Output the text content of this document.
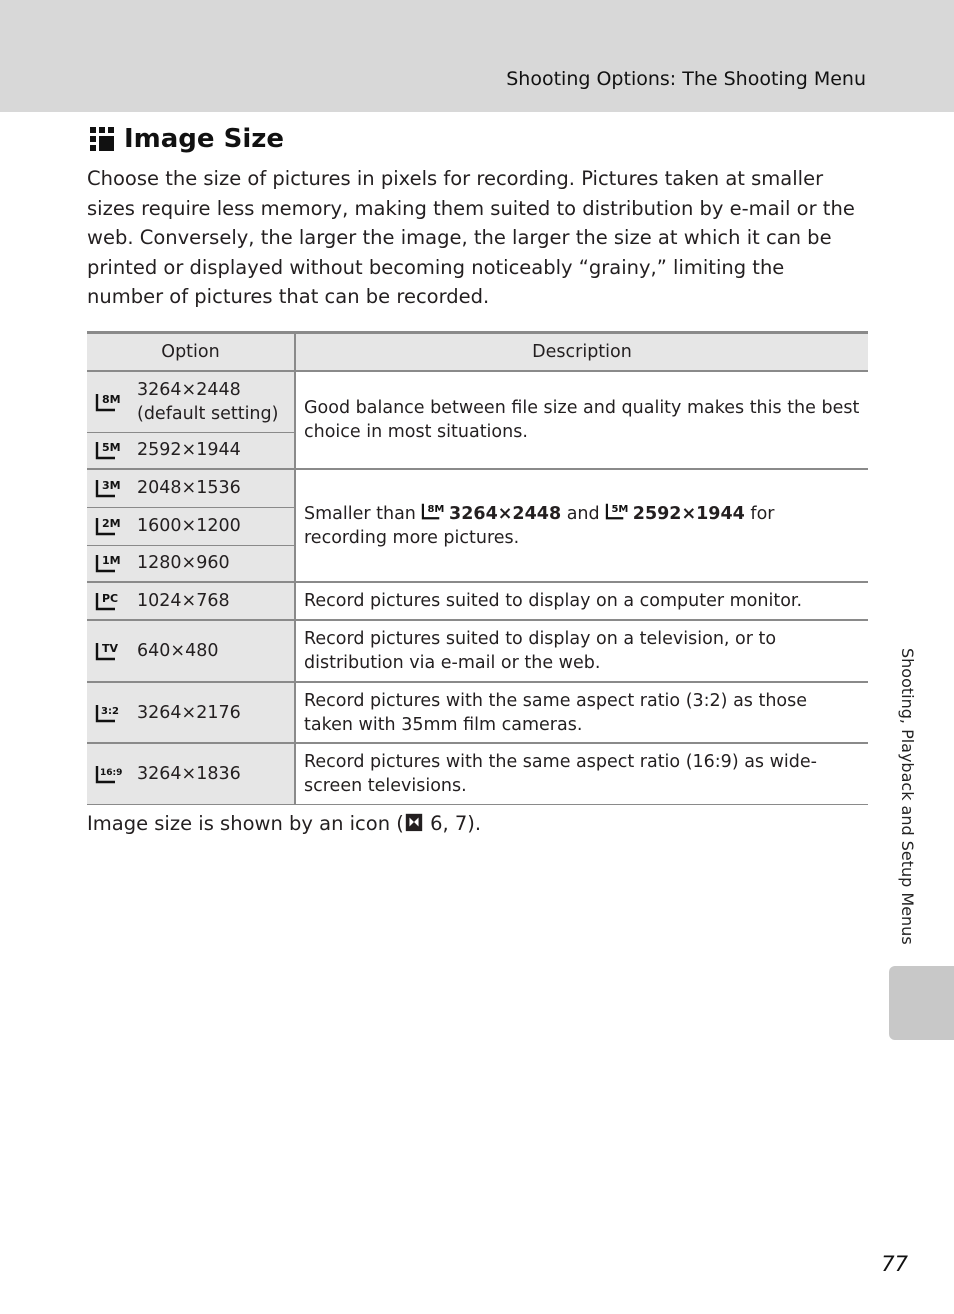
Shooting Options: The Shooting Menu
Image Size
Choose the size of pictures in pixels for recording. Pictures taken at smaller sizes require less memory, making them suited to distribution by e-mail or the web. Conversely, the larger the image, the larger the size at which it can be printed or displayed without becoming noticeably “grainy,” limiting the number of pictures that can be recorded.
Option	Description

8M 3264×2448
(default setting)	Good balance between file size and quality makes this the best choice in most situations.

5M 2592×1944	

3M 2048×1536	Smaller than 8M 3264×2448 and 5M 2592×1944 for recording more pictures.

2M 1600×1200	

1M 1280×960	

PC 1024×768	Record pictures suited to display on a computer monitor.

TV 640×480	Record pictures suited to display on a television, or to distribution via e-mail or the web.

3:2 3264×2176	Record pictures with the same aspect ratio (3:2) as those taken with 35mm film cameras.

16:9 3264×1836	Record pictures with the same aspect ratio (16:9) as wide-screen televisions.
Image size is shown by an icon ( 6, 7).	Shooting, Playback and Setup Menus
77
